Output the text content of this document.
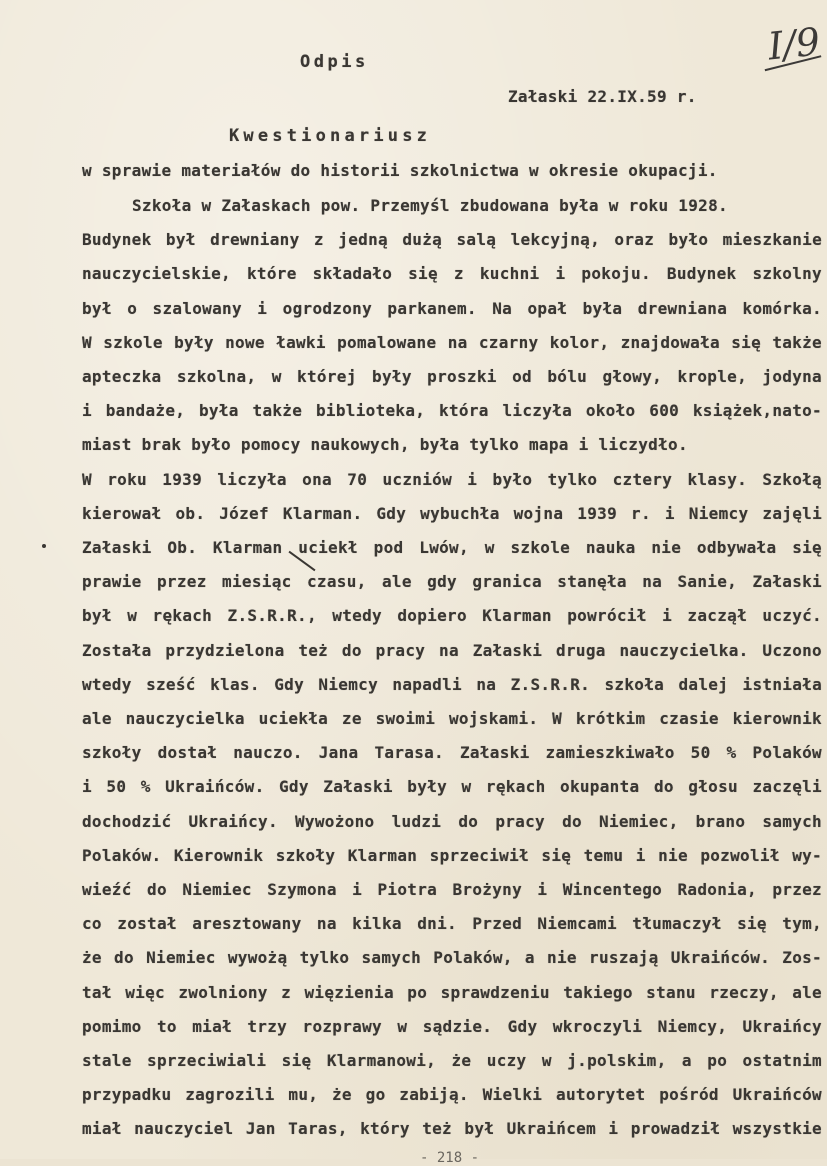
I/9
Odpis
Załaski 22.IX.59 r.
Kwestionariusz
w sprawie materiałów do historii szkolnictwa w okresie okupacji.
Szkoła w Załaskach pow. Przemyśl zbudowana była w roku 1928.
Budynek był drewniany z jedną dużą salą lekcyjną, oraz było mieszkanie
nauczycielskie, które składało się z kuchni i pokoju. Budynek szkolny
był o szalowany i ogrodzony parkanem. Na opał była drewniana komórka.
W szkole były nowe ławki pomalowane na czarny kolor, znajdowała się także
apteczka szkolna, w której były proszki od bólu głowy, krople, jodyna
i bandaże, była także biblioteka, która liczyła około 600 książek,nato-
miast brak było pomocy naukowych, była tylko mapa i liczydło.
W roku 1939 liczyła ona 70 uczniów i było tylko cztery klasy. Szkołą
kierował ob. Józef Klarman. Gdy wybuchła wojna 1939 r. i Niemcy zajęli
Załaski Ob. Klarman uciekł pod Lwów, w szkole nauka nie odbywała się
prawie przez miesiąc czasu, ale gdy granica stanęła na Sanie, Załaski
był w rękach Z.S.R.R., wtedy dopiero Klarman powrócił i zaczął uczyć.
Została przydzielona też do pracy na Załaski druga nauczycielka. Uczono
wtedy sześć klas. Gdy Niemcy napadli na Z.S.R.R. szkoła dalej istniała
ale nauczycielka uciekła ze swoimi wojskami. W krótkim czasie kierownik
szkoły dostał nauczo. Jana Tarasa. Załaski zamieszkiwało 50 % Polaków
i 50 % Ukraińców. Gdy Załaski były w rękach okupanta do głosu zaczęli
dochodzić Ukraińcy. Wywożono ludzi do pracy do Niemiec, brano samych
Polaków. Kierownik szkoły Klarman sprzeciwił się temu i nie pozwolił wy-
wieźć do Niemiec Szymona i Piotra Brożyny i Wincentego Radonia, przez
co został aresztowany na kilka dni. Przed Niemcami tłumaczył się tym,
że do Niemiec wywożą tylko samych Polaków, a nie ruszają Ukraińców. Zos-
tał więc zwolniony z więzienia po sprawdzeniu takiego stanu rzeczy, ale
pomimo to miał trzy rozprawy w sądzie. Gdy wkroczyli Niemcy, Ukraińcy
stale sprzeciwiali się Klarmanowi, że uczy w j.polskim, a po ostatnim
przypadku zagrozili mu, że go zabiją. Wielki autorytet pośród Ukraińców
miał nauczyciel Jan Taras, który też był Ukraińcem i prowadził wszystkie
- 218 -
